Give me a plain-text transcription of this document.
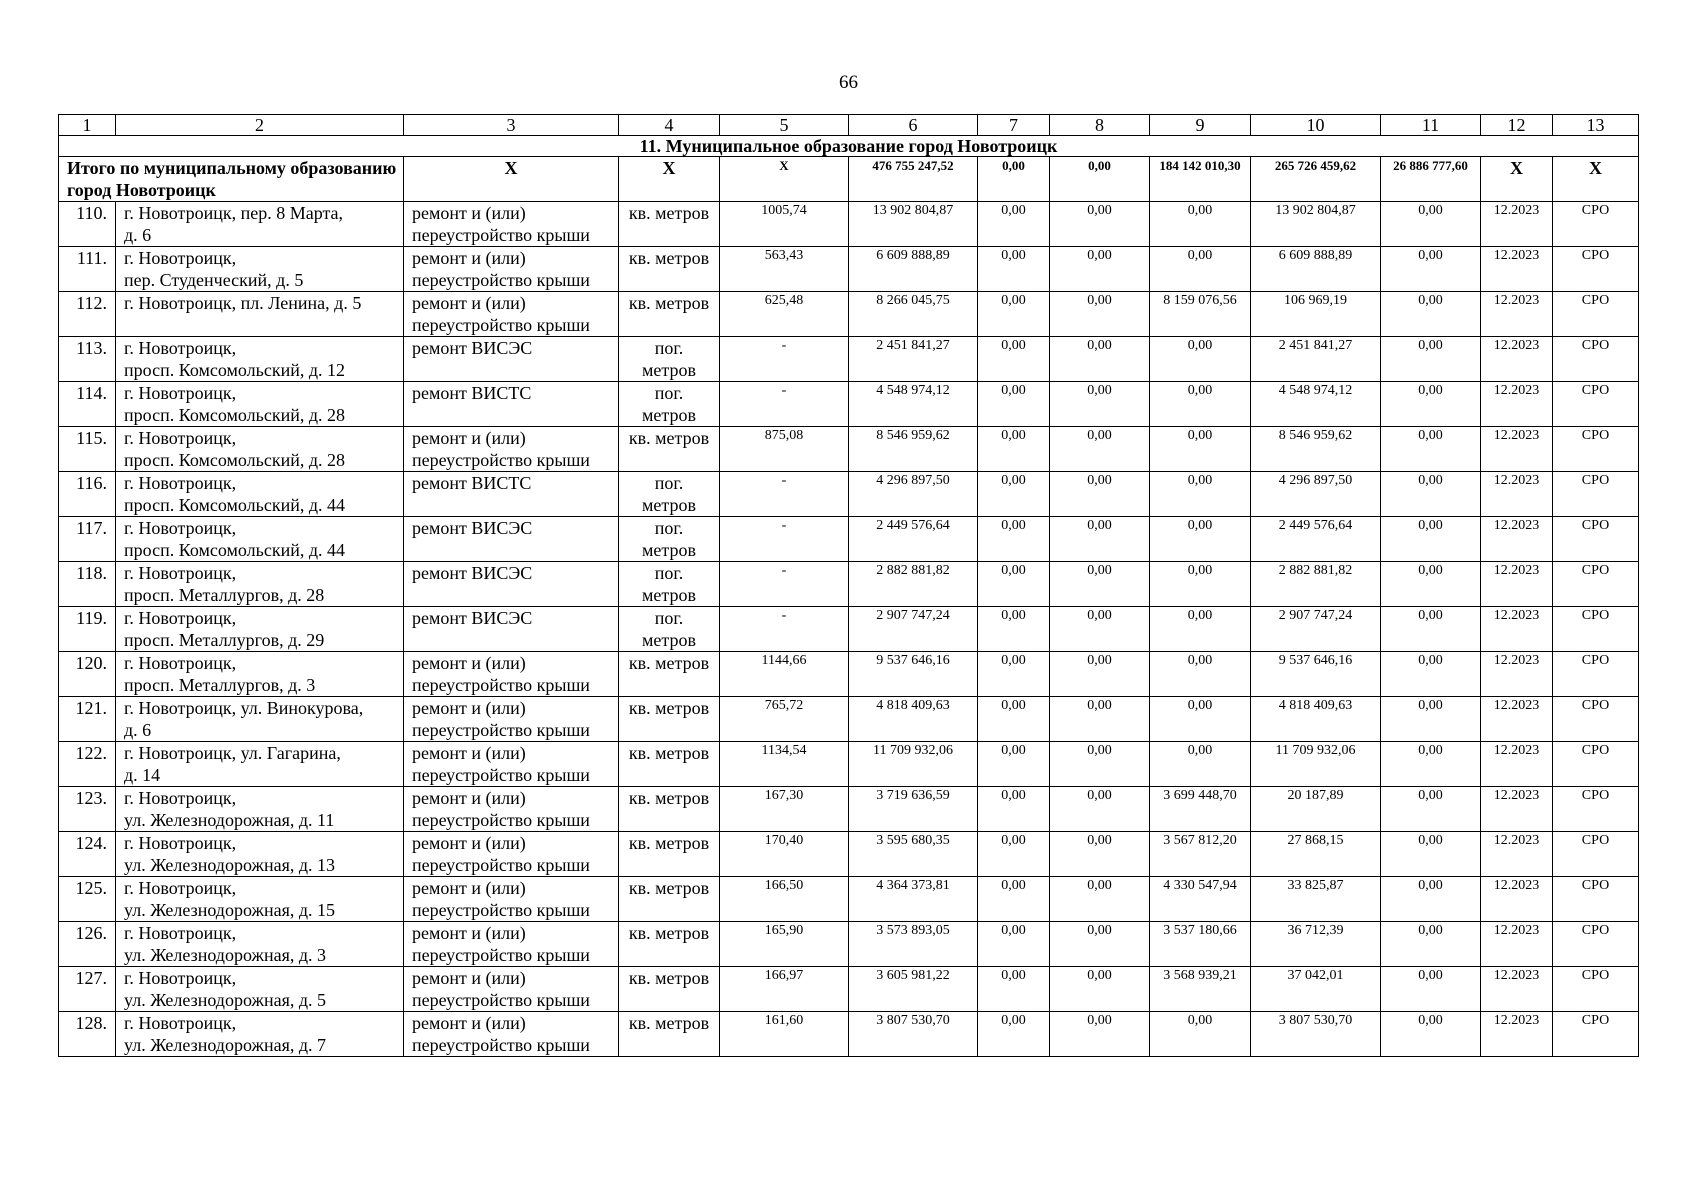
66
1	2	3	4	5	6	7	8	9	10	11	12	13
11. Муниципальное образование город Новотроицк												
Итого по муниципальному образованию город Новотроицк		X	X	X	476 755 247,52	0,00	0,00	184 142 010,30	265 726 459,62	26 886 777,60	X	X
110.	г. Новотроицк, пер. 8 Марта,
д. 6	ремонт и (или)
переустройство крыши	кв. метров	1005,74	13 902 804,87	0,00	0,00	0,00	13 902 804,87	0,00	12.2023	СРО
111.	г. Новотроицк,
пер. Студенческий, д. 5	ремонт и (или)
переустройство крыши	кв. метров	563,43	6 609 888,89	0,00	0,00	0,00	6 609 888,89	0,00	12.2023	СРО
112.	г. Новотроицк, пл. Ленина, д. 5	ремонт и (или)
переустройство крыши	кв. метров	625,48	8 266 045,75	0,00	0,00	8 159 076,56	106 969,19	0,00	12.2023	СРО
113.	г. Новотроицк,
просп. Комсомольский, д. 12	ремонт ВИСЭС	пог.
метров	-	2 451 841,27	0,00	0,00	0,00	2 451 841,27	0,00	12.2023	СРО
114.	г. Новотроицк,
просп. Комсомольский, д. 28	ремонт ВИСТС	пог.
метров	-	4 548 974,12	0,00	0,00	0,00	4 548 974,12	0,00	12.2023	СРО
115.	г. Новотроицк,
просп. Комсомольский, д. 28	ремонт и (или)
переустройство крыши	кв. метров	875,08	8 546 959,62	0,00	0,00	0,00	8 546 959,62	0,00	12.2023	СРО
116.	г. Новотроицк,
просп. Комсомольский, д. 44	ремонт ВИСТС	пог.
метров	-	4 296 897,50	0,00	0,00	0,00	4 296 897,50	0,00	12.2023	СРО
117.	г. Новотроицк,
просп. Комсомольский, д. 44	ремонт ВИСЭС	пог.
метров	-	2 449 576,64	0,00	0,00	0,00	2 449 576,64	0,00	12.2023	СРО
118.	г. Новотроицк,
просп. Металлургов, д. 28	ремонт ВИСЭС	пог.
метров	-	2 882 881,82	0,00	0,00	0,00	2 882 881,82	0,00	12.2023	СРО
119.	г. Новотроицк,
просп. Металлургов, д. 29	ремонт ВИСЭС	пог.
метров	-	2 907 747,24	0,00	0,00	0,00	2 907 747,24	0,00	12.2023	СРО
120.	г. Новотроицк,
просп. Металлургов, д. 3	ремонт и (или)
переустройство крыши	кв. метров	1144,66	9 537 646,16	0,00	0,00	0,00	9 537 646,16	0,00	12.2023	СРО
121.	г. Новотроицк, ул. Винокурова,
д. 6	ремонт и (или)
переустройство крыши	кв. метров	765,72	4 818 409,63	0,00	0,00	0,00	4 818 409,63	0,00	12.2023	СРО
122.	г. Новотроицк, ул. Гагарина,
д. 14	ремонт и (или)
переустройство крыши	кв. метров	1134,54	11 709 932,06	0,00	0,00	0,00	11 709 932,06	0,00	12.2023	СРО
123.	г. Новотроицк,
ул. Железнодорожная, д. 11	ремонт и (или)
переустройство крыши	кв. метров	167,30	3 719 636,59	0,00	0,00	3 699 448,70	20 187,89	0,00	12.2023	СРО
124.	г. Новотроицк,
ул. Железнодорожная, д. 13	ремонт и (или)
переустройство крыши	кв. метров	170,40	3 595 680,35	0,00	0,00	3 567 812,20	27 868,15	0,00	12.2023	СРО
125.	г. Новотроицк,
ул. Железнодорожная, д. 15	ремонт и (или)
переустройство крыши	кв. метров	166,50	4 364 373,81	0,00	0,00	4 330 547,94	33 825,87	0,00	12.2023	СРО
126.	г. Новотроицк,
ул. Железнодорожная, д. 3	ремонт и (или)
переустройство крыши	кв. метров	165,90	3 573 893,05	0,00	0,00	3 537 180,66	36 712,39	0,00	12.2023	СРО
127.	г. Новотроицк,
ул. Железнодорожная, д. 5	ремонт и (или)
переустройство крыши	кв. метров	166,97	3 605 981,22	0,00	0,00	3 568 939,21	37 042,01	0,00	12.2023	СРО
128.	г. Новотроицк,
ул. Железнодорожная, д. 7	ремонт и (или)
переустройство крыши	кв. метров	161,60	3 807 530,70	0,00	0,00	0,00	3 807 530,70	0,00	12.2023	СРО
